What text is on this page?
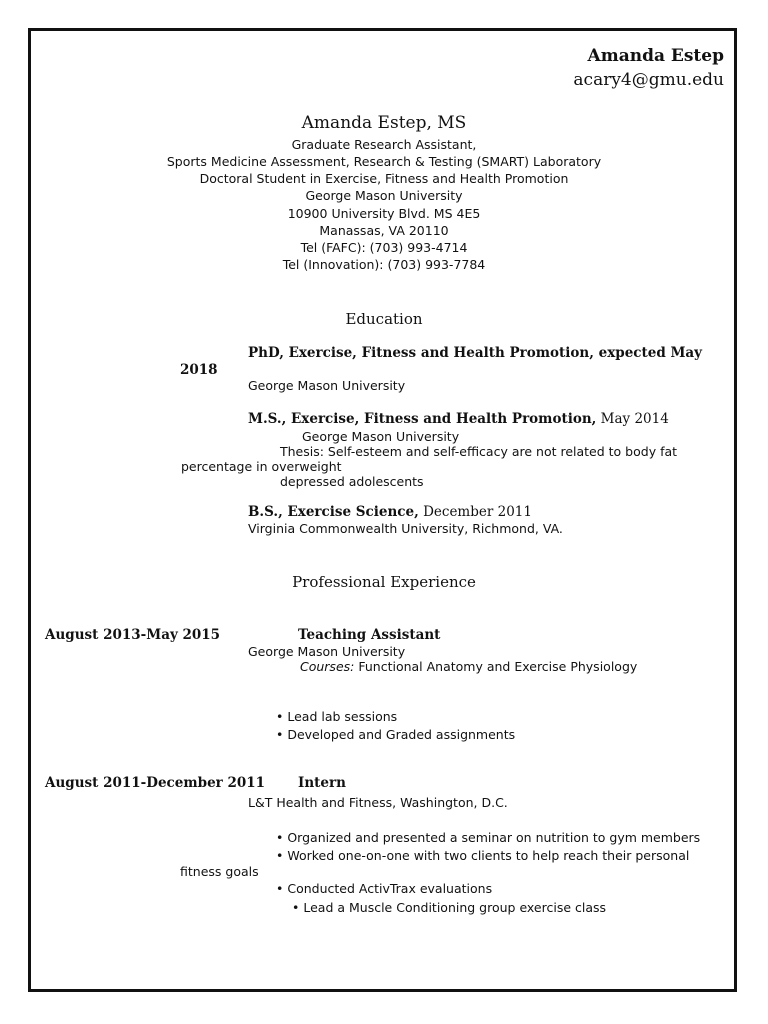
Amanda Estep
acary4@gmu.edu
Amanda Estep, MS
Graduate Research Assistant,
Sports Medicine Assessment, Research & Testing (SMART) Laboratory
Doctoral Student in Exercise, Fitness and Health Promotion
George Mason University
10900 University Blvd. MS 4E5
Manassas, VA 20110
Tel (FAFC): (703) 993-4714
Tel (Innovation): (703) 993-7784
Education
PhD, Exercise, Fitness and Health Promotion, expected May
2018
George Mason University
M.S., Exercise, Fitness and Health Promotion, May 2014
George Mason University
Thesis: Self-esteem and self-efficacy are not related to body fat
percentage in overweight
depressed adolescents
B.S., Exercise Science, December 2011
Virginia Commonwealth University, Richmond, VA.
Professional Experience
August 2013-May 2015	Teaching Assistant
George Mason University
Courses: Functional Anatomy and Exercise Physiology
• Lead lab sessions
• Developed and Graded assignments
August 2011-December 2011 Intern
L&T Health and Fitness, Washington, D.C.
• Organized and presented a seminar on nutrition to gym members
• Worked one-on-one with two clients to help reach their personal
fitness goals
• Conducted ActivTrax evaluations
• Lead a Muscle Conditioning group exercise class
